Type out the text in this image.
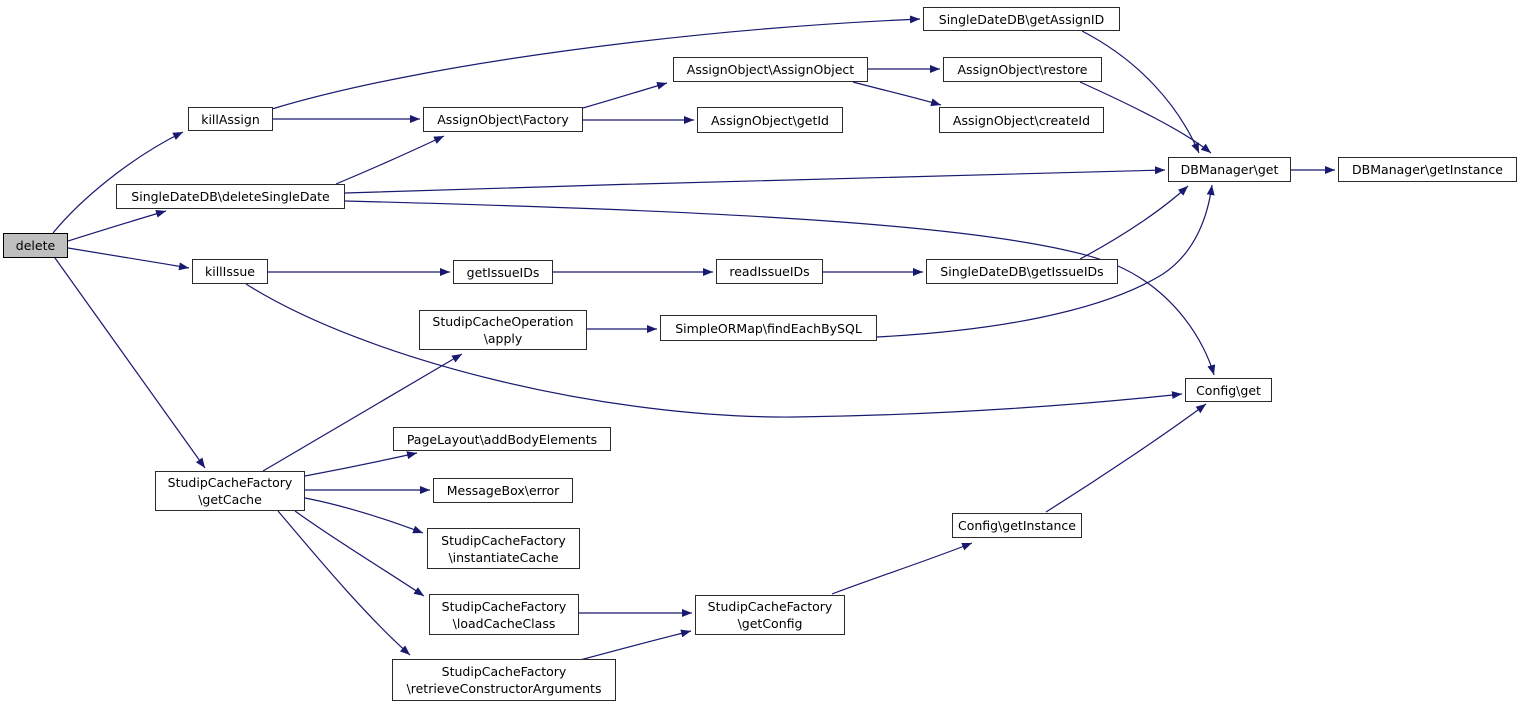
delete
killAssign
SingleDateDB\deleteSingleDate
killIssue
AssignObject\Factory
AssignObject\AssignObject
AssignObject\getId
AssignObject\restore
AssignObject\createId
SingleDateDB\getAssignID
DBManager\get	DBManager\getInstance
getIssueIDs	readIssueIDs	SingleDateDB\getIssueIDs
StudipCacheOperation
\apply
SimpleORMap\findEachBySQL
Config\get
StudipCacheFactory
\getCache
PageLayout\addBodyElements
MessageBox\error
StudipCacheFactory
\instantiateCache
StudipCacheFactory
\loadCacheClass
StudipCacheFactory
\retrieveConstructorArguments
StudipCacheFactory
\getConfig
Config\getInstance
